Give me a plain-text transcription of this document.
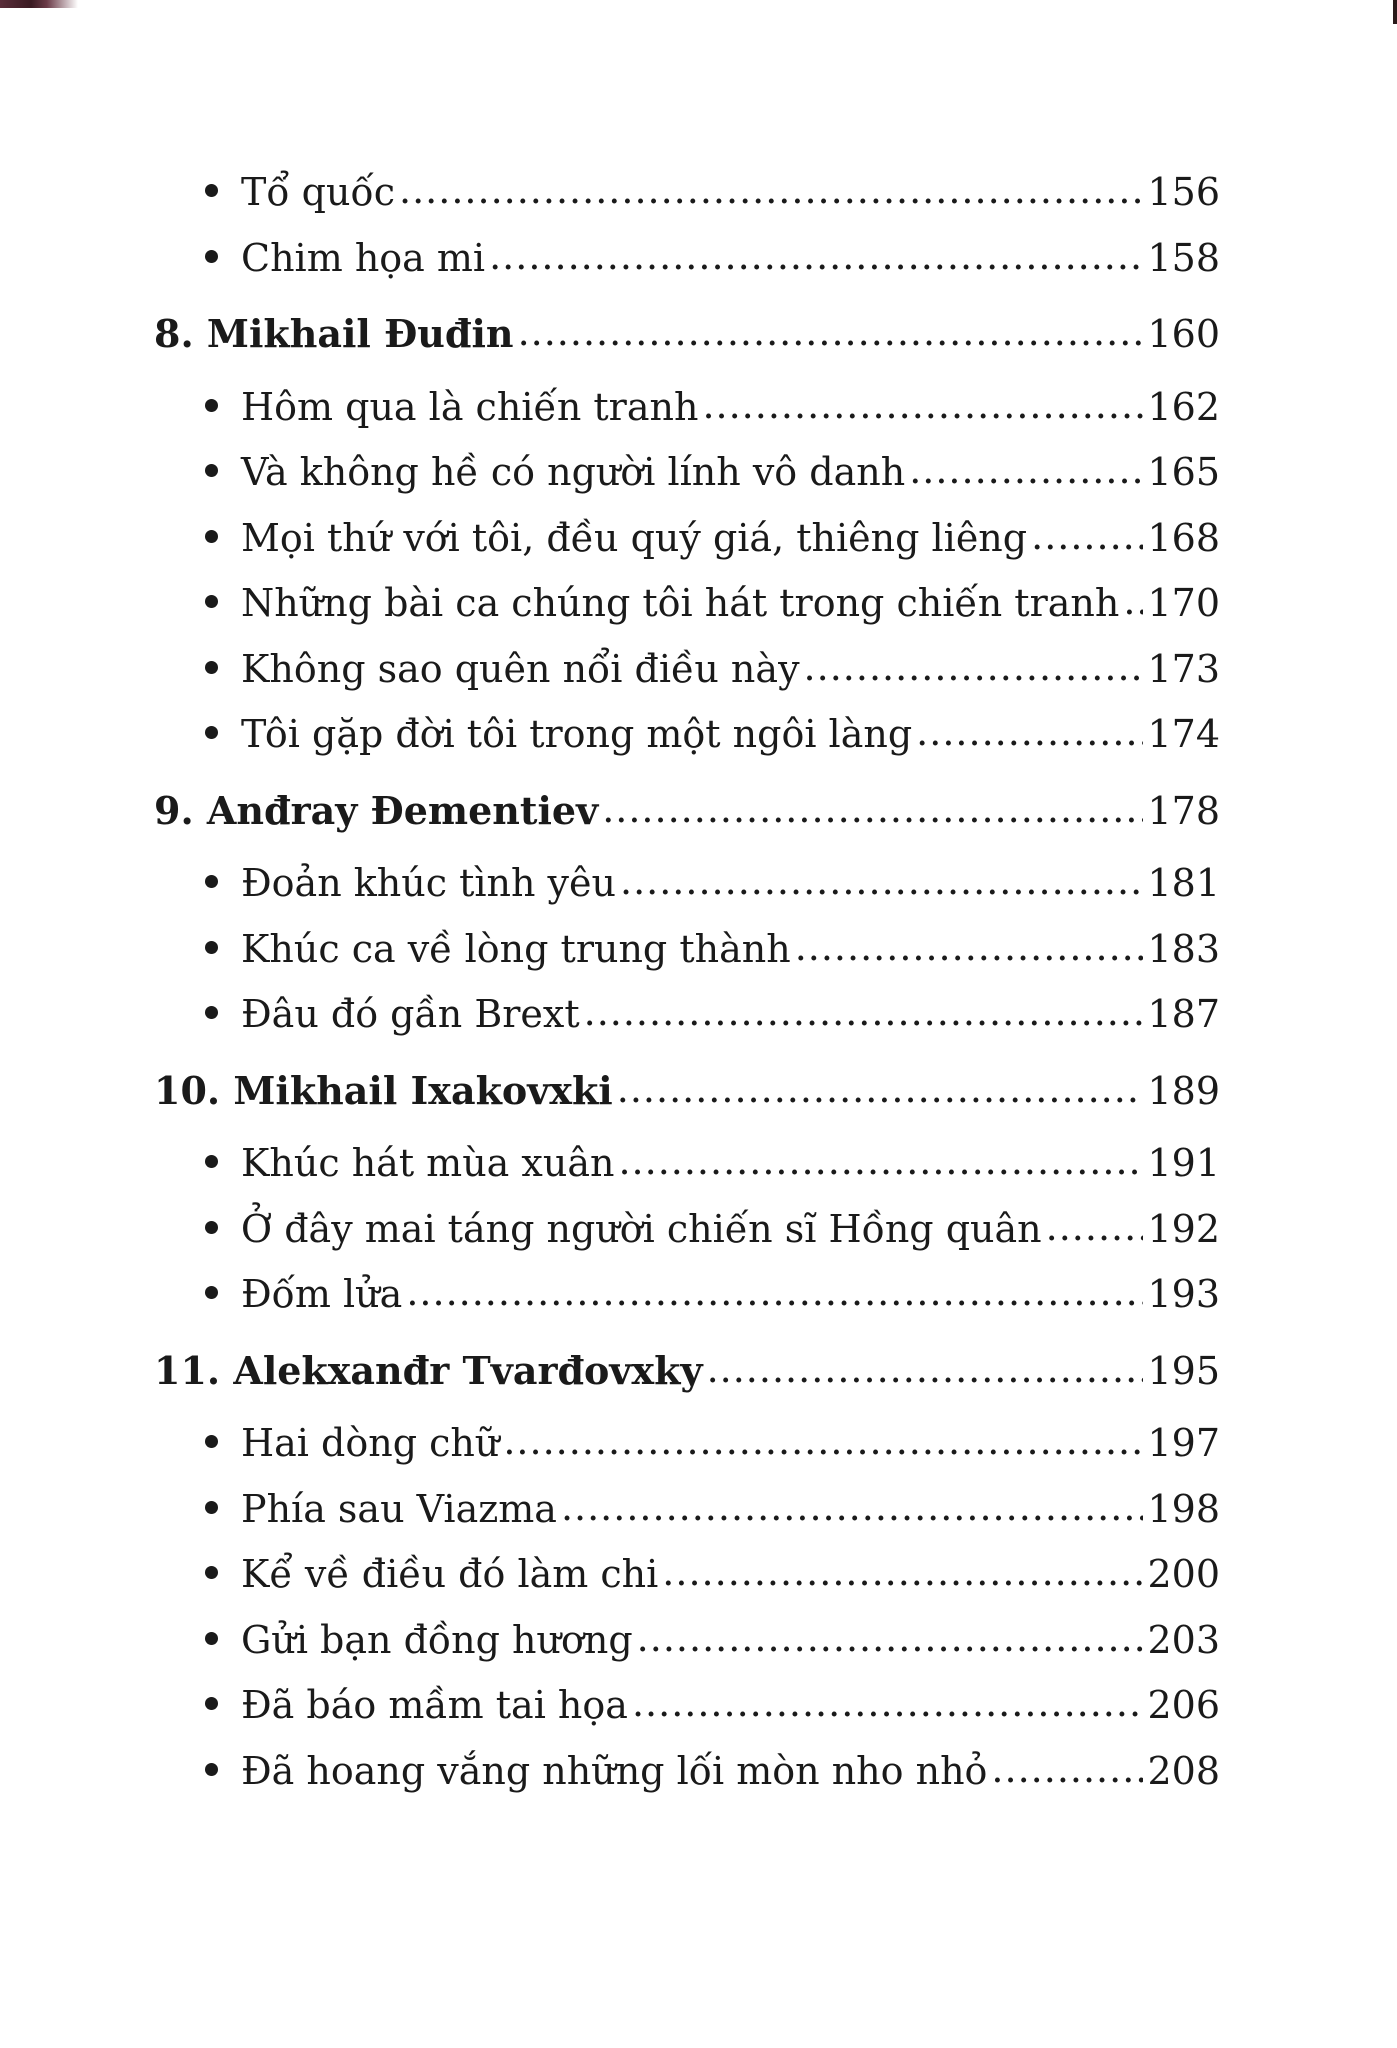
Tổ quốc .....	156
Chim họa mi .....	158
8. Mikhail Đuđin .....	160
Hôm qua là chiến tranh .....	162
Và không hề có người lính vô danh .....	165
Mọi thứ với tôi, đều quý giá, thiêng liêng .....	168
Những bài ca chúng tôi hát trong chiến tranh ..... 170
Không sao quên nổi điều này .....	173
Tôi gặp đời tôi trong một ngôi làng .....	174
9. Anđray Đementiev .....	178
Đoản khúc tình yêu .....	181
Khúc ca về lòng trung thành .....	183
Đâu đó gần Brext .....	187
10. Mikhail Ixakovxki .....	189
Khúc hát mùa xuân .....	191
Ở đây mai táng người chiến sĩ Hồng quân .....	192
Đốm lửa .....	193
11. Alekxanđr Tvarđovxky .....	195
Hai dòng chữ .....	197
Phía sau Viazma .....	198
Kể về điều đó làm chi .....	200
Gửi bạn đồng hương .....	203
Đã báo mầm tai họa .....	206
Đã hoang vắng những lối mòn nho nhỏ .....	208
